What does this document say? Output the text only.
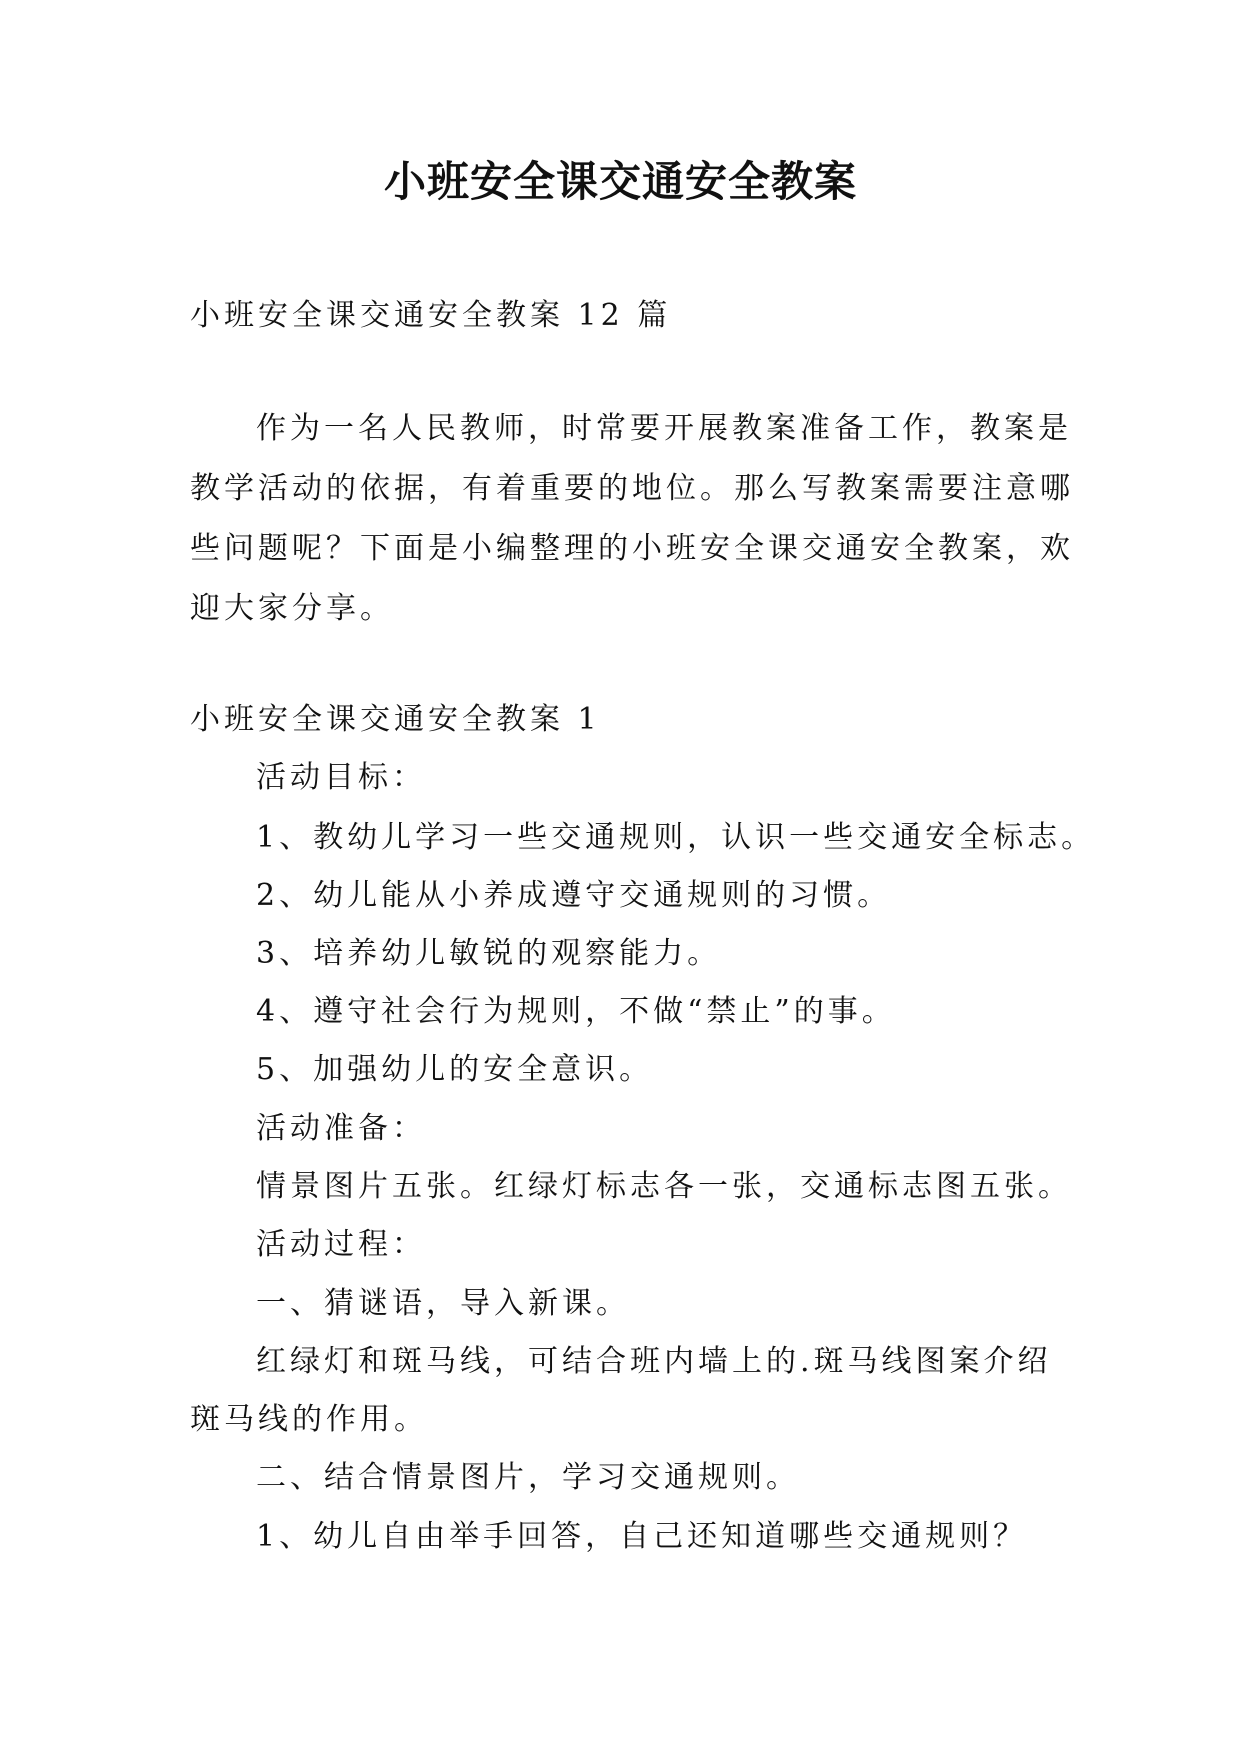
小班安全课交通安全教案
小班安全课交通安全教案 12 篇
作为一名人民教师，时常要开展教案准备工作，教案是
教学活动的依据，有着重要的地位。那么写教案需要注意哪
些问题呢？下面是小编整理的小班安全课交通安全教案，欢
迎大家分享。
小班安全课交通安全教案 1
活动目标：
1、教幼儿学习一些交通规则，认识一些交通安全标志。
2、幼儿能从小养成遵守交通规则的习惯。
3、培养幼儿敏锐的观察能力。
4、遵守社会行为规则，不做“禁止”的事。
5、加强幼儿的安全意识。
活动准备：
情景图片五张。红绿灯标志各一张，交通标志图五张。
活动过程：
一、猜谜语，导入新课。
红绿灯和斑马线，可结合班内墙上的.斑马线图案介绍
斑马线的作用。
二、结合情景图片，学习交通规则。
1、幼儿自由举手回答，自己还知道哪些交通规则？
